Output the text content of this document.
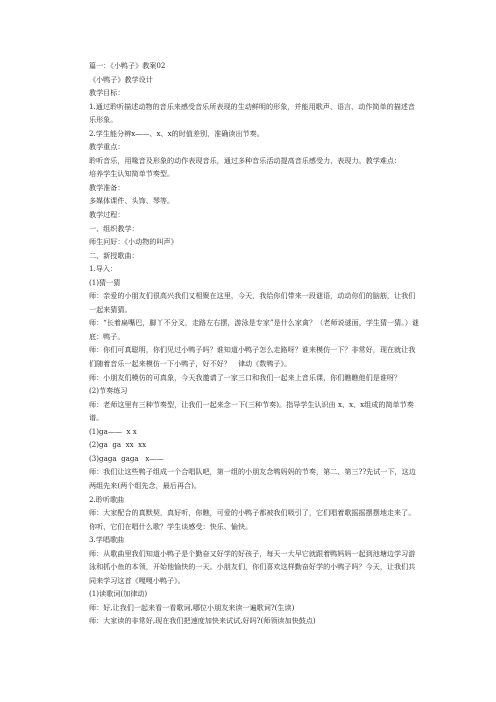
篇一：《小鸭子》教案02
《小鸭子》教学设计
教学目标：
1.通过聆听描述动物的音乐来感受音乐所表现的生动鲜明的形象，并能用歌声、语言、动作简单的描述音乐形象。
2.学生能分辨x——、x、x的时值差别，准确读出节奏。
教学重点：
聆听音乐，用喙音及形象的动作表现音乐，通过多种音乐活动提高音乐感受力、表现力。教学难点：
培养学生认知简单节奏型。
教学准备：
多媒体课件、头饰、琴等。
教学过程：
一、组织教学：
师生问好：《小动物的叫声》
二、新授歌曲：
1.导入：
(1)猜一猜
师：亲爱的小朋友们很高兴我们又相聚在这里，今天，我给你们带来一段谜语，动动你们的脑筋，让我们一起来猜猜。
师：“长着扁嘴巴，脚丫不分叉，走路左右摆，游泳是专家”是什么家禽？（老师说谜面，学生猜一猜。）谜底：鸭子。
师：你们可真聪明，你们见过小鸭子吗？谁知道小鸭子怎么走路呀？谁来模仿一下？非常好，现在就让我们随着音乐一起来模仿一下小鸭子，好不好？　律动《数鸭子》。
师：小朋友们模仿的可真象，今天我邀请了一家三口和我们一起来上音乐课，你们瞧瞧他们是谁呀？
(2)节奏练习
师：老师这里有三种节奏型，让我们一起来念一下(三种节奏)。指导学生认识由 x、x、x组成的简单节奏谱。
(1)ga——  x x
(2)ga  ga  xx  xx
(3)gaga  gaga   x——
师：我们让这些鸭子组成一个合唱队吧，第一组的小朋友念鸭妈妈的节奏，第二、第三??先试一下，这边两组先来(两个组先念，最后再合)。
2.聆听歌曲
师：大家配合的真默契，真好听，你瞧，可爱的小鸭子都被我们吸引了，它们唱着歌摇摇摆摆地走来了。你听，它们在唱什么歌？学生谈感受：快乐、愉快。
3.学唱歌曲
师：从歌曲里我们知道小鸭子是个勤奋又好学的好孩子，每天一大早它就跟着鸭妈妈一起到池塘边学习游泳和抓小鱼的本领，开始他愉快的一天。小朋友们，你们喜欢这样勤奋好学的小鸭子吗？今天，让我们共同来学习这首《嘎嘎小鸭子》。
(1)读歌词(加律动)
师：好,让我们一起来看一看歌词,哪位小朋友来读一遍歌词?(生读)
师：大家读的非常好,现在我们把速度加快来试试,好吗?(师领读加快鼓点)
